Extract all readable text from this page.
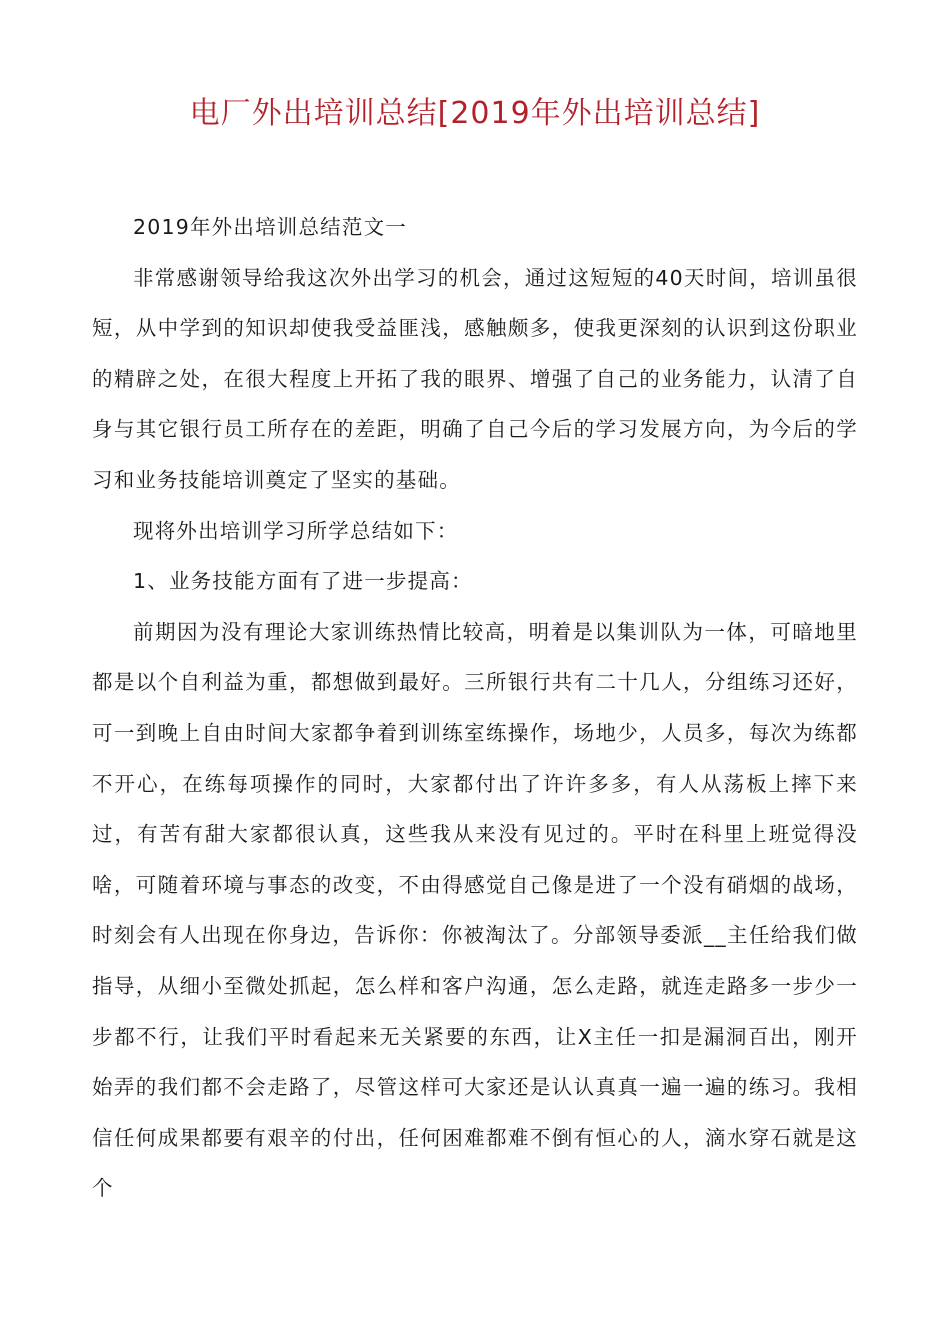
电厂外出培训总结[2019年外出培训总结]

2019年外出培训总结范文一

非常感谢领导给我这次外出学习的机会，通过这短短的40天时间，培训虽很短，从中学到的知识却使我受益匪浅，感触颇多，使我更深刻的认识到这份职业的精辟之处，在很大程度上开拓了我的眼界、增强了自己的业务能力，认清了自身与其它银行员工所存在的差距，明确了自己今后的学习发展方向，为今后的学习和业务技能培训奠定了坚实的基础。

现将外出培训学习所学总结如下：

1、业务技能方面有了进一步提高：

前期因为没有理论大家训练热情比较高，明着是以集训队为一体，可暗地里都是以个自利益为重，都想做到最好。三所银行共有二十几人，分组练习还好，可一到晚上自由时间大家都争着到训练室练操作，场地少，人员多，每次为练都不开心，在练每项操作的同时，大家都付出了许许多多，有人从荡板上摔下来过，有苦有甜大家都很认真，这些我从来没有见过的。平时在科里上班觉得没啥，可随着环境与事态的改变，不由得感觉自己像是进了一个没有硝烟的战场，时刻会有人出现在你身边，告诉你：你被淘汰了。分部领导委派__主任给我们做指导，从细小至微处抓起，怎么样和客户沟通，怎么走路，就连走路多一步少一步都不行，让我们平时看起来无关紧要的东西，让X主任一扣是漏洞百出，刚开始弄的我们都不会走路了，尽管这样可大家还是认认真真一遍一遍的练习。我相信任何成果都要有艰辛的付出，任何困难都难不倒有恒心的人，滴水穿石就是这个
